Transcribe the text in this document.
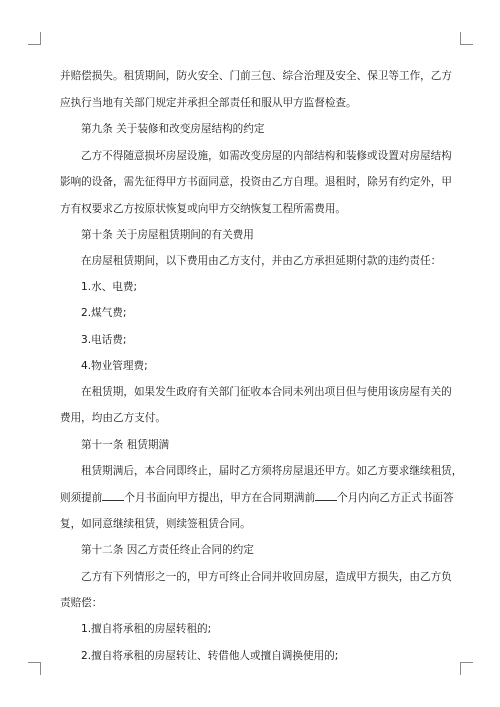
并赔偿损失。租赁期间，防火安全、门前三包、综合治理及安全、保卫等工作，乙方
应执行当地有关部门规定并承担全部责任和服从甲方监督检查。
第九条 关于装修和改变房屋结构的约定
乙方不得随意损坏房屋设施，如需改变房屋的内部结构和装修或设置对房屋结构
影响的设备，需先征得甲方书面同意，投资由乙方自理。退租时，除另有约定外，甲
方有权要求乙方按原状恢复或向甲方交纳恢复工程所需费用。
第十条 关于房屋租赁期间的有关费用
在房屋租赁期间，以下费用由乙方支付，并由乙方承担延期付款的违约责任：
1.水、电费;
2.煤气费;
3.电话费;
4.物业管理费;
在租赁期，如果发生政府有关部门征收本合同未列出项目但与使用该房屋有关的
费用，均由乙方支付。
第十一条 租赁期满
租赁期满后，本合同即终止，届时乙方须将房屋退还甲方。如乙方要求继续租赁，
则须提前 个月书面向甲方提出，甲方在合同期满前 个月内向乙方正式书面答
复，如同意继续租赁，则续签租赁合同。
第十二条 因乙方责任终止合同的约定
乙方有下列情形之一的，甲方可终止合同并收回房屋，造成甲方损失，由乙方负
责赔偿：
1.擅自将承租的房屋转租的;
2.擅自将承租的房屋转让、转借他人或擅自调换使用的;
